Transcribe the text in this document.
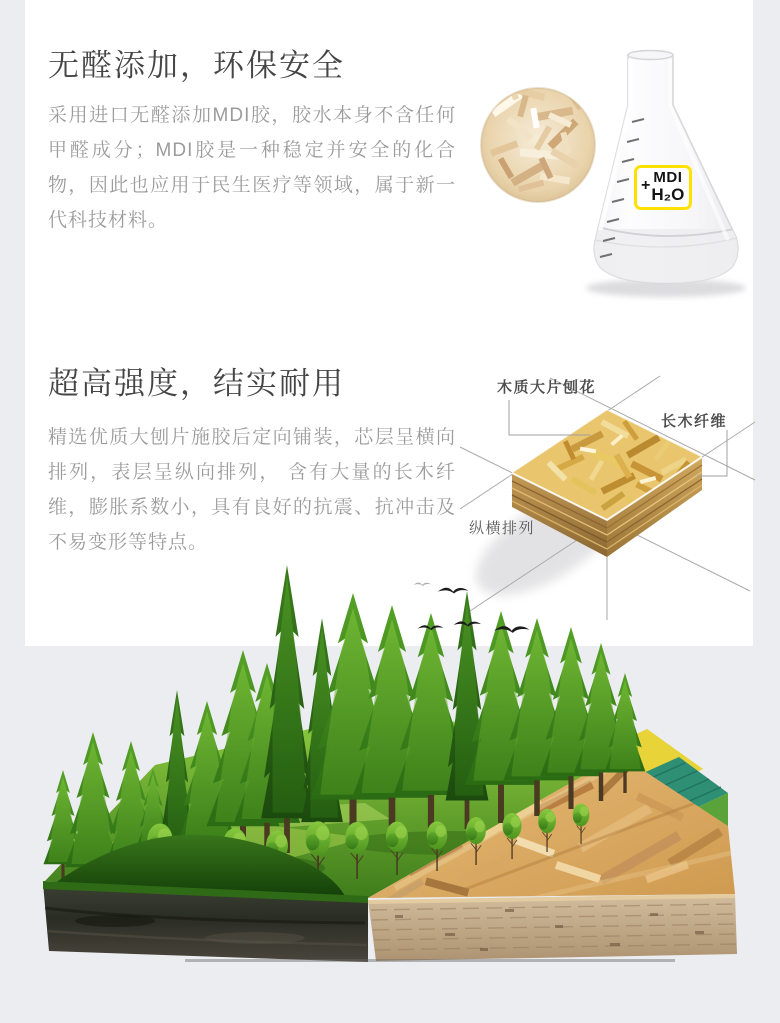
无醛添加，环保安全

采用进口无醛添加MDI胶，胶水本身不含任何甲醛成分；MDI胶是一种稳定并安全的化合物，因此也应用于民生医疗等领域，属于新一代科技材料。

+ MDI
H₂O
超高强度，结实耐用

精选优质大刨片施胶后定向铺装，芯层呈横向排列，表层呈纵向排列， 含有大量的长木纤维，膨胀系数小，具有良好的抗震、抗冲击及不易变形等特点。

木质大片刨花
长木纤维
纵横排列
